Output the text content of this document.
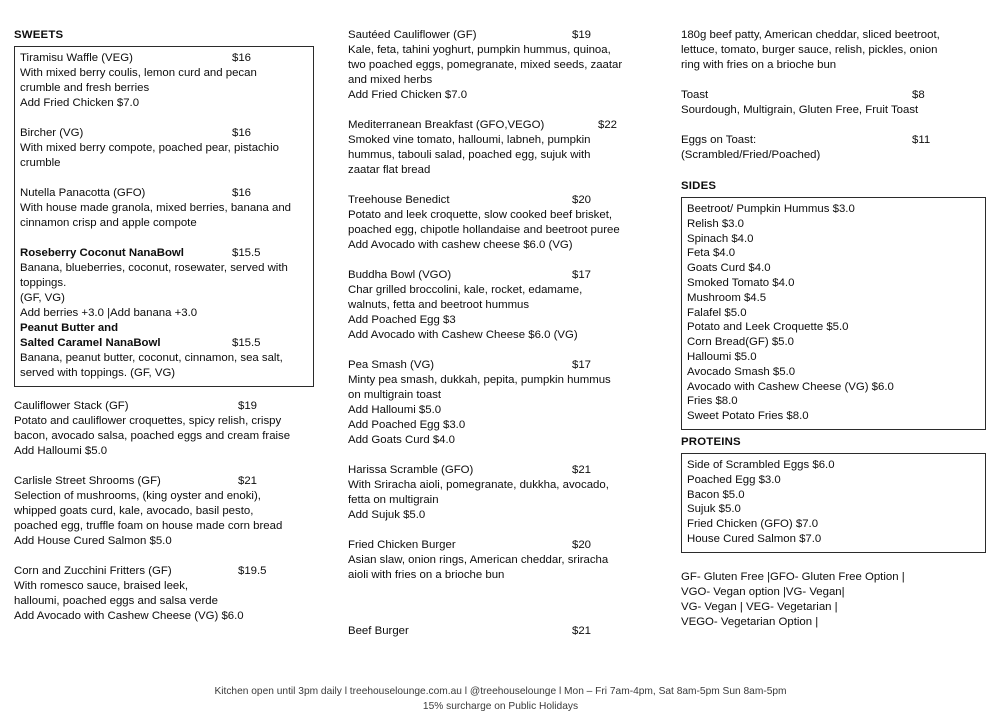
SWEETS
Tiramisu Waffle (VEG)	$16
With mixed berry coulis, lemon curd and pecan
crumble and fresh berries
Add Fried Chicken $7.0
Bircher (VG)	$16
With mixed berry compote, poached pear, pistachio
crumble
Nutella Panacotta (GFO)	$16
With house made granola, mixed berries, banana and
cinnamon crisp and apple compote
Roseberry Coconut NanaBowl	$15.5
Banana, blueberries, coconut, rosewater, served with
toppings.
(GF, VG)
Add berries +3.0 |Add banana +3.0
Peanut Butter and
Salted Caramel NanaBowl	$15.5
Banana, peanut butter, coconut, cinnamon, sea salt,
served with toppings. (GF, VG)
Cauliflower Stack (GF)	$19
Potato and cauliflower croquettes, spicy relish, crispy
bacon, avocado salsa, poached eggs and cream fraise
Add Halloumi $5.0
Carlisle Street Shrooms (GF)	$21
Selection of mushrooms, (king oyster and enoki),
whipped goats curd, kale, avocado, basil pesto,
poached egg, truffle foam on house made corn bread
Add House Cured Salmon $5.0
Corn and Zucchini Fritters (GF)	$19.5
With romesco sauce, braised leek,
halloumi, poached eggs and salsa verde
Add Avocado with Cashew Cheese (VG) $6.0
Sautéed Cauliflower (GF)	$19
Kale, feta, tahini yoghurt, pumpkin hummus, quinoa,
two poached eggs, pomegranate, mixed seeds, zaatar
and mixed herbs
Add Fried Chicken $7.0
Mediterranean Breakfast (GFO,VEGO)	$22
Smoked vine tomato, halloumi, labneh, pumpkin
hummus, tabouli salad, poached egg, sujuk with
zaatar flat bread
Treehouse Benedict	$20
Potato and leek croquette, slow cooked beef brisket,
poached egg, chipotle hollandaise and beetroot puree
Add Avocado with cashew cheese $6.0 (VG)
Buddha Bowl (VGO)	$17
Char grilled broccolini, kale, rocket, edamame,
walnuts, fetta and beetroot hummus
Add Poached Egg $3
Add Avocado with Cashew Cheese $6.0 (VG)
Pea Smash (VG)	$17
Minty pea smash, dukkah, pepita, pumpkin hummus
on multigrain toast
Add Halloumi $5.0
Add Poached Egg $3.0
Add Goats Curd $4.0
Harissa Scramble (GFO)	$21
With Sriracha aioli, pomegranate, dukkha, avocado,
fetta on multigrain
Add Sujuk $5.0
Fried Chicken Burger	$20
Asian slaw, onion rings, American cheddar, sriracha
aioli with fries on a brioche bun
Beef Burger	$21
180g beef patty, American cheddar, sliced beetroot,
lettuce, tomato, burger sauce, relish, pickles, onion
ring with fries on a brioche bun
Toast	$8
Sourdough, Multigrain, Gluten Free, Fruit Toast
Eggs on Toast:	$11
(Scrambled/Fried/Poached)
SIDES
Beetroot/ Pumpkin Hummus $3.0
Relish $3.0
Spinach $4.0
Feta $4.0
Goats Curd $4.0
Smoked Tomato $4.0
Mushroom $4.5
Falafel $5.0
Potato and Leek Croquette $5.0
Corn Bread(GF) $5.0
Halloumi $5.0
Avocado Smash $5.0
Avocado with Cashew Cheese (VG) $6.0
Fries $8.0
Sweet Potato Fries $8.0
PROTEINS
Side of Scrambled Eggs $6.0
Poached Egg $3.0
Bacon $5.0
Sujuk $5.0
Fried Chicken (GFO) $7.0
House Cured Salmon $7.0
GF- Gluten Free |GFO- Gluten Free Option |
VGO- Vegan option |VG- Vegan|
VG- Vegan | VEG- Vegetarian |
VEGO- Vegetarian Option |
Kitchen open until 3pm daily l treehouselounge.com.au l @treehouselounge l Mon – Fri 7am-4pm, Sat 8am-5pm Sun 8am-5pm
15% surcharge on Public Holidays
